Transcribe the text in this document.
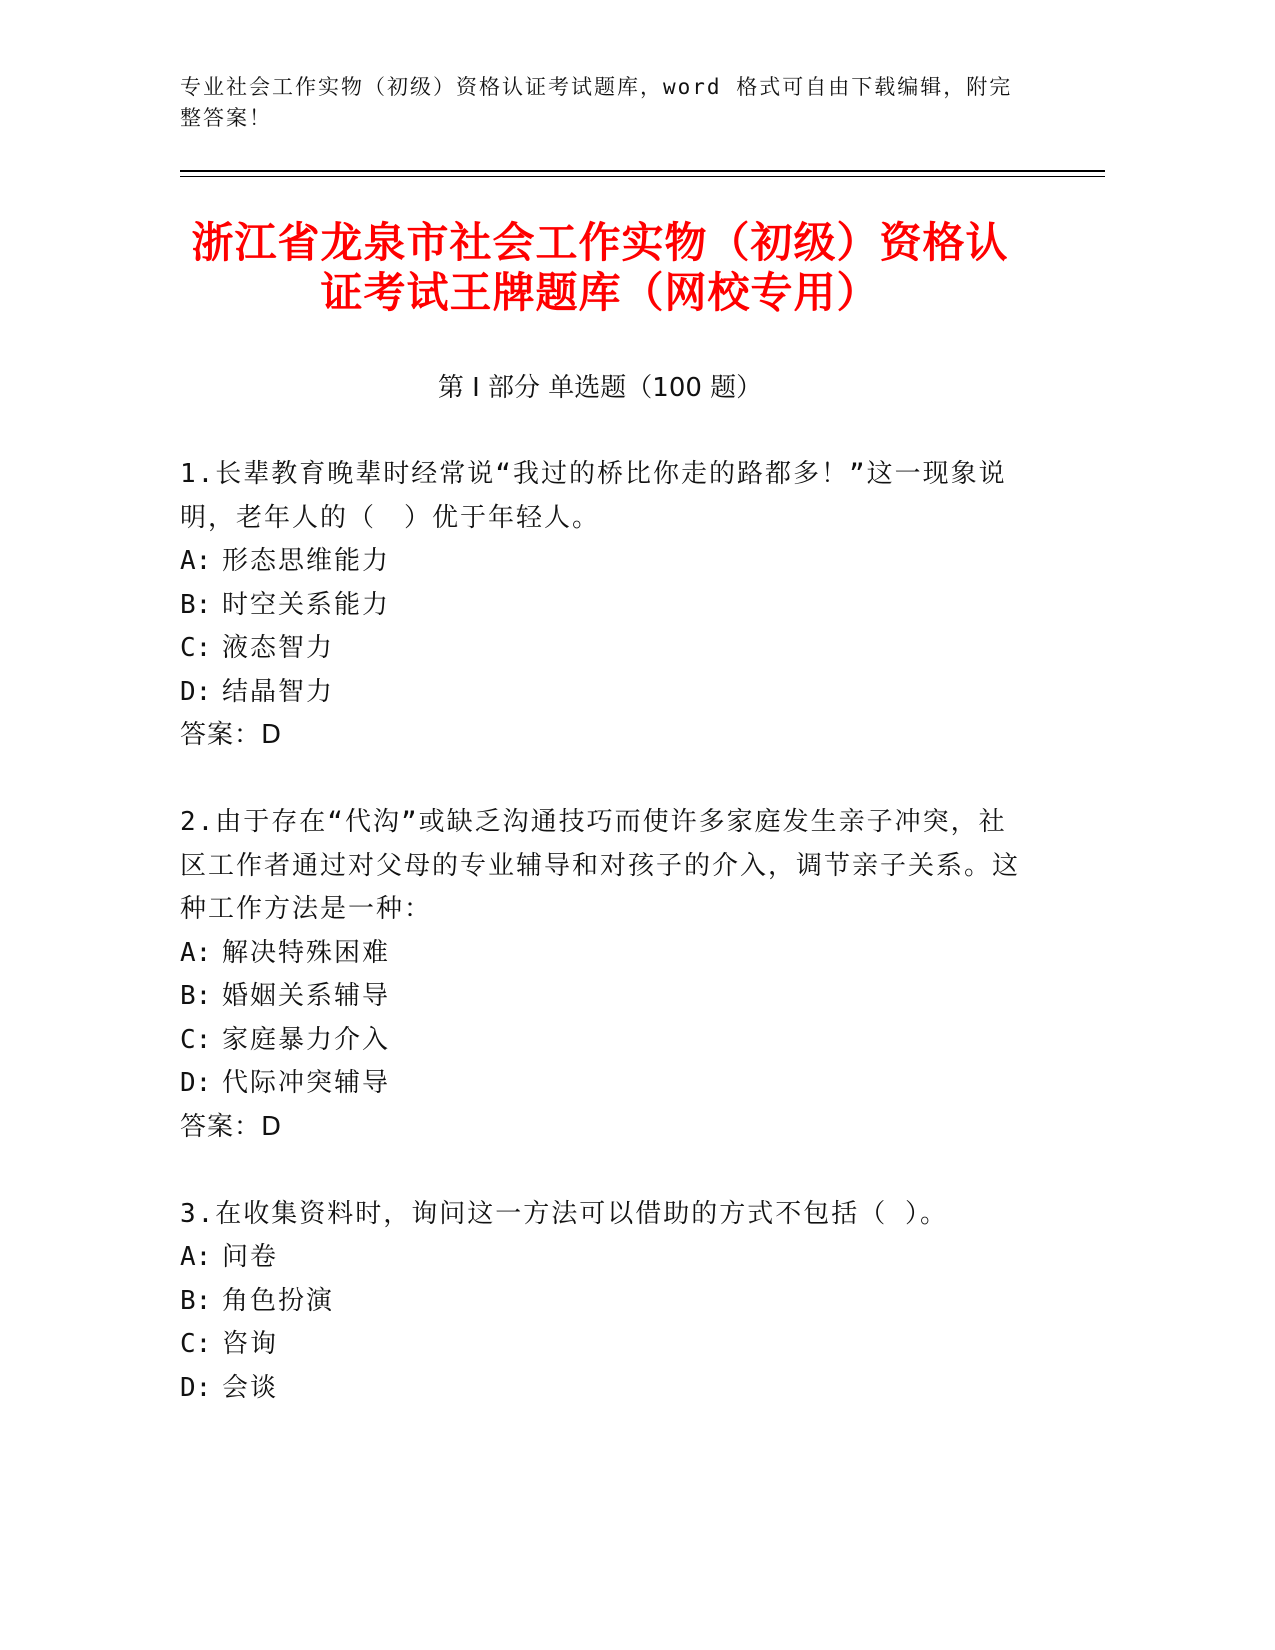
专业社会工作实物（初级）资格认证考试题库，word 格式可自由下载编辑，附完
整答案！
浙江省龙泉市社会工作实物（初级）资格认
证考试王牌题库（网校专用）
第 I 部分 单选题（100 题）
1.长辈教育晚辈时经常说“我过的桥比你走的路都多！”这一现象说
明，老年人的（　）优于年轻人。
A: 形态思维能力
B: 时空关系能力
C: 液态智力
D: 结晶智力
答案：D
2.由于存在“代沟”或缺乏沟通技巧而使许多家庭发生亲子冲突，社
区工作者通过对父母的专业辅导和对孩子的介入，调节亲子关系。这
种工作方法是一种：
A: 解决特殊困难
B: 婚姻关系辅导
C: 家庭暴力介入
D: 代际冲突辅导
答案：D
3.在收集资料时，询问这一方法可以借助的方式不包括（ ）。
A: 问卷
B: 角色扮演
C: 咨询
D: 会谈
